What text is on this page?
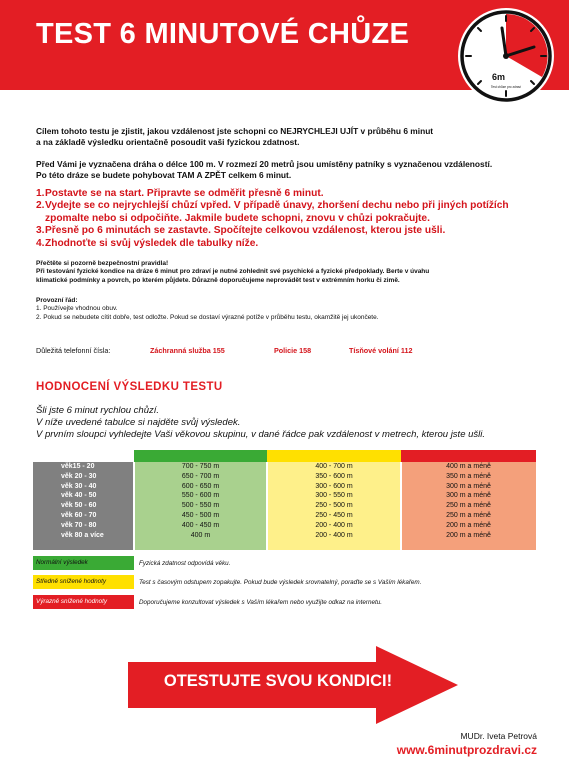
TEST 6 MINUTOVÉ CHŮZE
6m
Test chůze pro zdraví
Cílem tohoto testu je zjistit, jakou vzdálenost jste schopni co NEJRYCHLEJI UJÍT v průběhu 6 minut
a na základě výsledku orientačně posoudit vaši fyzickou zdatnost.
Před Vámi je vyznačena dráha o délce 100 m. V rozmezí 20 metrů jsou umístěny patníky s vyznačenou vzdáleností.
Po této dráze se budete pohybovat TAM A ZPĚT celkem 6 minut.
1. Postavte se na start. Připravte se odměřit přesně 6 minut.
2. Vydejte se co nejrychlejší chůzí vpřed. V případě únavy, zhoršení dechu nebo při jiných potížích zpomalte nebo si odpočiňte. Jakmile budete schopni, znovu v chůzi pokračujte.
3. Přesně po 6 minutách se zastavte. Spočítejte celkovou vzdálenost, kterou jste ušli.
4. Zhodnoťte si svůj výsledek dle tabulky níže.
Přečtěte si pozorně bezpečnostní pravidla!
Při testování fyzické kondice na dráze 6 minut pro zdraví je nutné zohlednit své psychické a fyzické předpoklady. Berte v úvahu
klimatické podmínky a povrch, po kterém půjdete. Důrazně doporučujeme neprovádět test v extrémním horku či zimě.
Provozní řád:
1. Používejte vhodnou obuv.
2. Pokud se nebudete cítit dobře, test odložte. Pokud se dostaví výrazné potíže v průběhu testu, okamžitě jej ukončete.
Důležitá telefonní čísla:	Záchranná služba 155	Policie 158	Tísňové volání 112
HODNOCENÍ VÝSLEDKU TESTU
Šli jste 6 minut rychlou chůzí.
V níže uvedené tabulce si najděte svůj výsledek.
V prvním sloupci vyhledejte Vaši věkovou skupinu, v dané řádce pak vzdálenost v metrech, kterou jste ušli.
věk15 - 20	700 - 750 m	400 - 700 m	400 m a méně
věk 20 - 30	650 - 700 m	350 - 600 m	350 m a méně
věk 30 - 40	600 - 650 m	300 - 600 m	300 m a méně
věk 40 - 50	550 - 600 m	300 - 550 m	300 m a méně
věk 50 - 60	500 - 550 m	250 - 500 m	250 m a méně
věk 60 - 70	450 - 500 m	250 - 450 m	250 m a méně
věk 70 - 80	400 - 450 m	200 - 400 m	200 m a méně
věk 80 a více	400 m	200 - 400 m	200 m a méně
Normální výsledek	Fyzická zdatnost odpovídá věku.
Středně snížené hodnoty	Test s časovým odstupem zopakujte. Pokud bude výsledek srovnatelný, poraďte se s Vaším lékařem.
Výrazně snížené hodnoty	Doporučujeme konzultovat výsledek s Vaším lékařem nebo využijte odkaz na internetu.
OTESTUJTE SVOU KONDICI!
MUDr. Iveta Petrová
www.6minutprozdravi.cz
